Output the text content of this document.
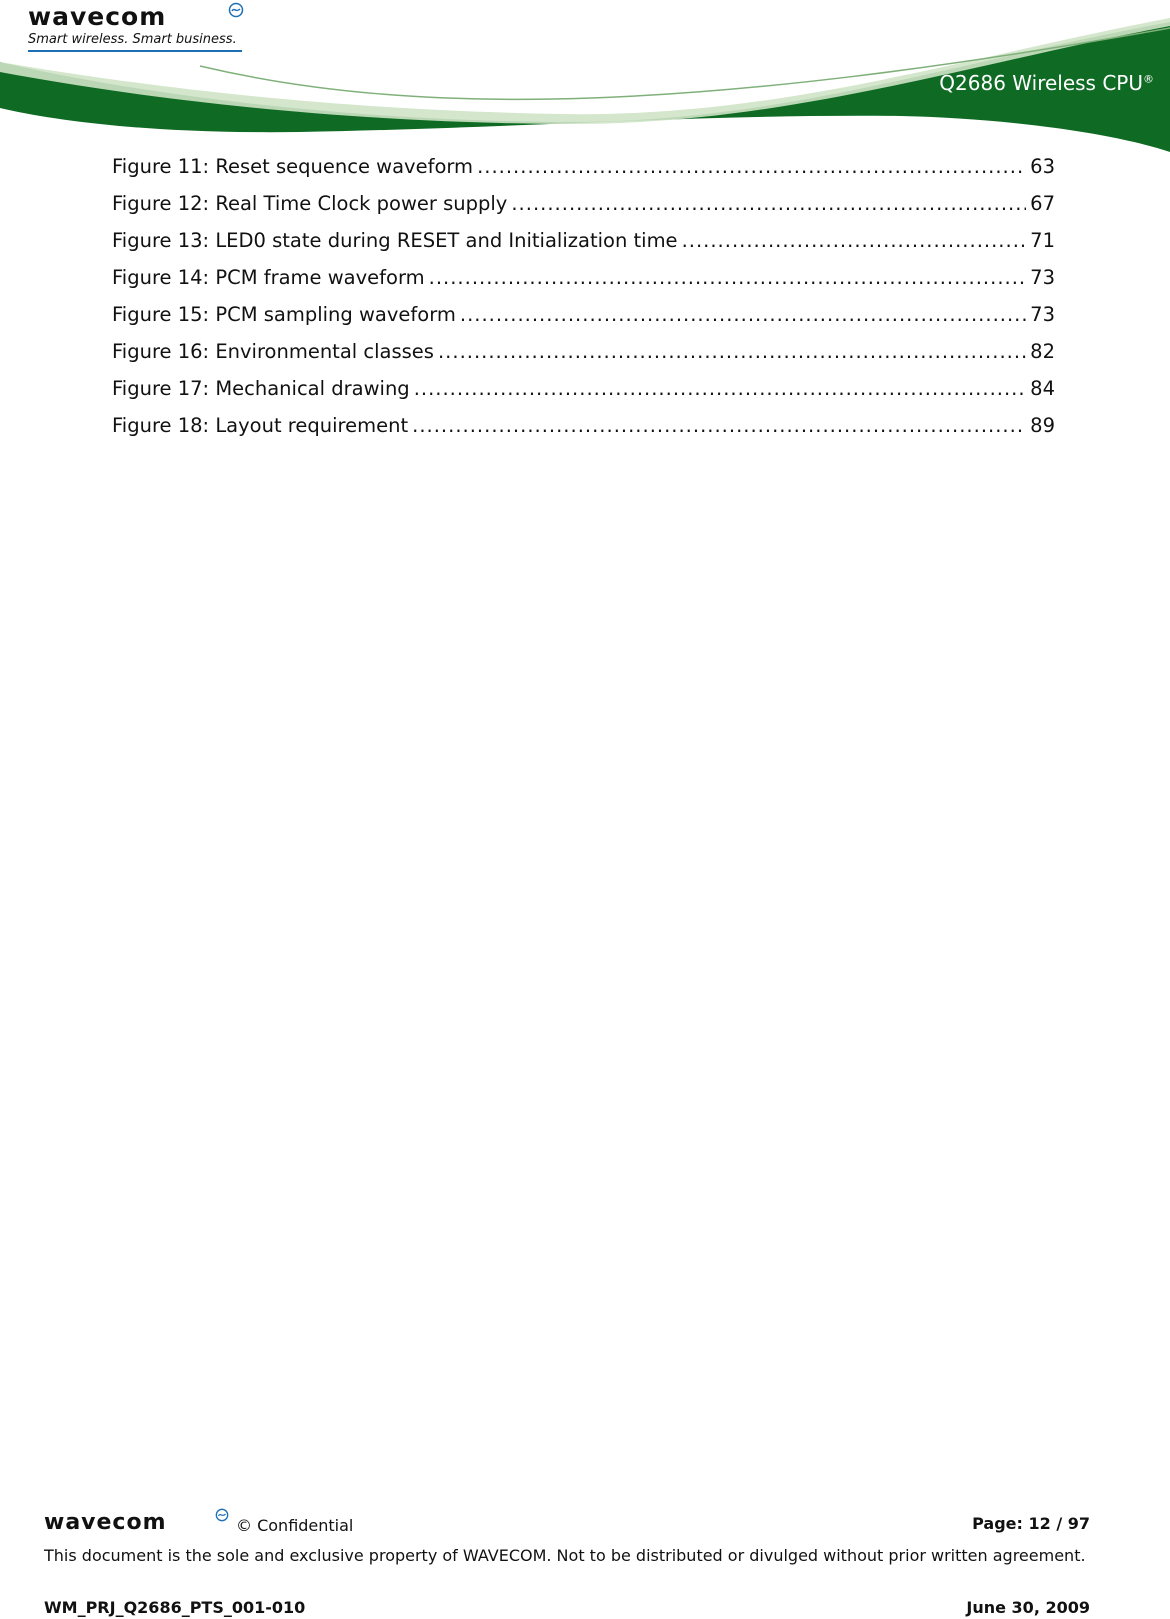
wavecom
Smart wireless. Smart business.
Q2686 Wireless CPU®
Figure 11: Reset sequence waveform .....	63
Figure 12: Real Time Clock power supply .....	67
Figure 13: LED0 state during RESET and Initialization time .....	71
Figure 14: PCM frame waveform .....	73
Figure 15: PCM sampling waveform .....	73
Figure 16: Environmental classes .....	82
Figure 17: Mechanical drawing .....	84
Figure 18: Layout requirement .....	89
wavecom	© Confidential	Page: 12 / 97
This document is the sole and exclusive property of WAVECOM. Not to be distributed or divulged without prior written agreement.
WM_PRJ_Q2686_PTS_001-010	June 30, 2009
